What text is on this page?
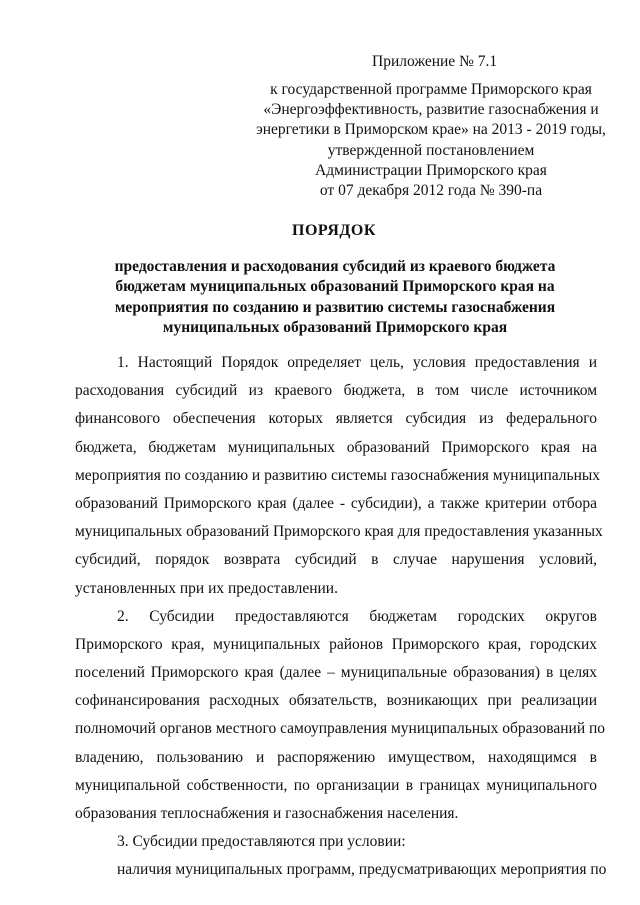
Приложение № 7.1
к государственной программе Приморского края
«Энергоэффективность, развитие газоснабжения и
энергетики в Приморском крае» на 2013 - 2019 годы,
утвержденной постановлением
Администрации Приморского края
от 07 декабря 2012 года № 390-па
ПОРЯДОК
предоставления и расходования субсидий из краевого бюджета
бюджетам муниципальных образований Приморского края на
мероприятия по созданию и развитию системы газоснабжения
муниципальных образований Приморского края
1. Настоящий Порядок определяет цель, условия предоставления и
расходования субсидий из краевого бюджета, в том числе источником
финансового обеспечения которых является субсидия из федерального
бюджета, бюджетам муниципальных образований Приморского края на
мероприятия по созданию и развитию системы газоснабжения муниципальных
образований Приморского края (далее - субсидии), а также критерии отбора
муниципальных образований Приморского края для предоставления указанных
субсидий, порядок возврата субсидий в случае нарушения условий,
установленных при их предоставлении.
2. Субсидии предоставляются бюджетам городских округов
Приморского края, муниципальных районов Приморского края, городских
поселений Приморского края (далее – муниципальные образования) в целях
софинансирования расходных обязательств, возникающих при реализации
полномочий органов местного самоуправления муниципальных образований по
владению, пользованию и распоряжению имуществом, находящимся в
муниципальной собственности, по организации в границах муниципального
образования теплоснабжения и газоснабжения населения.
3. Субсидии предоставляются при условии:
наличия муниципальных программ, предусматривающих мероприятия по
